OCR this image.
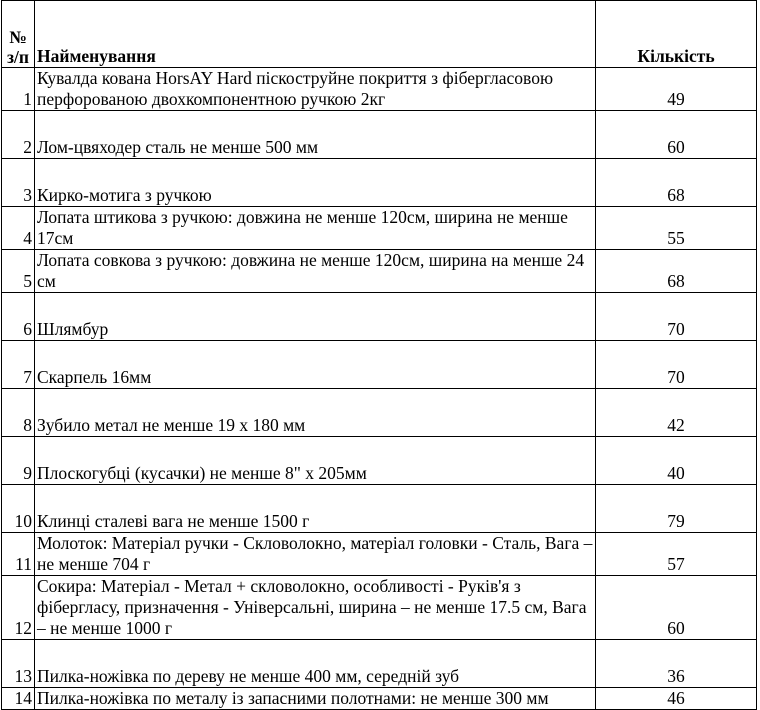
№ з/п	Найменування	Кількість
1	Кувалда кована HorsAY Hard піскоструйне покриття з фібергласовою перфорованою двохкомпонентною ручкою 2кг	49
2	Лом-цвяходер сталь не менше 500 мм	60
3	Кирко-мотига з ручкою	68
4	Лопата штикова з ручкою: довжина не менше 120см, ширина не менше 17см	55
5	Лопата совкова з ручкою: довжина не менше 120см, ширина на менше 24 см	68
6	Шлямбур	70
7	Скарпель 16мм	70
8	Зубило метал не менше 19 х 180 мм	42
9	Плоскогубці (кусачки) не менше 8" х 205мм	40
10	Клинці сталеві вага не менше 1500 г	79
11	Молоток: Матеріал ручки - Скловолокно, матеріал головки - Сталь, Вага – не менше 704 г	57
12	Сокира: Матеріал - Метал + скловолокно, особливості - Руків'я з фібергласу, призначення - Універсальні, ширина – не менше 17.5 см, Вага – не менше 1000 г	60
13	Пилка-ножівка по дереву не менше 400 мм, середній зуб	36
14	Пилка-ножівка по металу із запасними полотнами: не менше 300 мм	46
